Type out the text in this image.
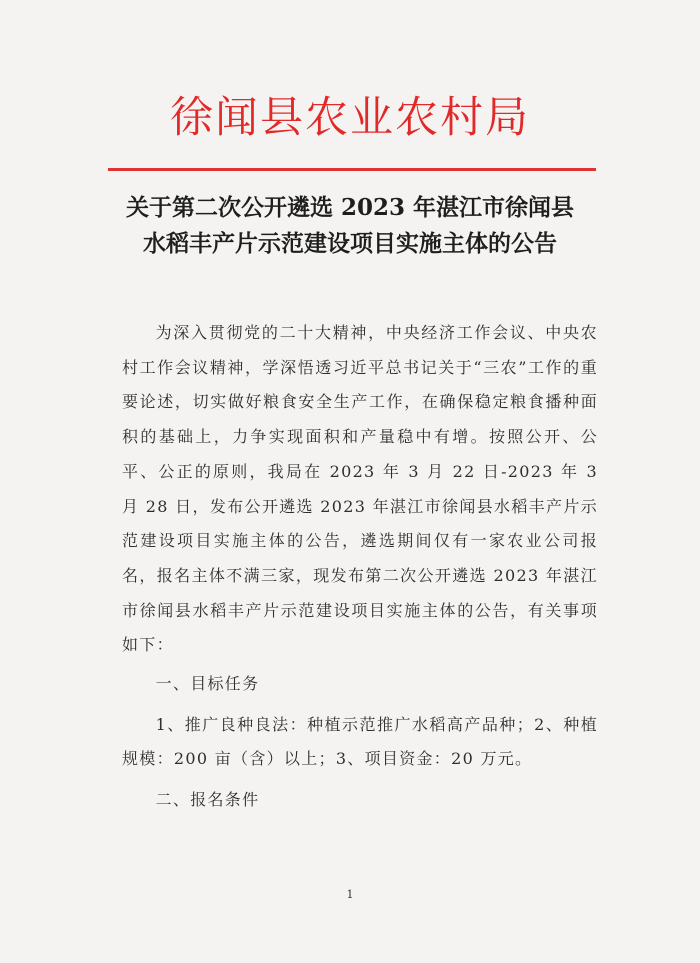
徐闻县农业农村局
关于第二次公开遴选 2023 年湛江市徐闻县
水稻丰产片示范建设项目实施主体的公告

为深入贯彻党的二十大精神，中央经济工作会议、中央农村工作会议精神，学深悟透习近平总书记关于“三农”工作的重要论述，切实做好粮食安全生产工作，在确保稳定粮食播种面积的基础上，力争实现面积和产量稳中有增。按照公开、公平、公正的原则，我局在 2023 年 3 月 22 日-2023 年 3 月 28 日，发布公开遴选 2023 年湛江市徐闻县水稻丰产片示范建设项目实施主体的公告，遴选期间仅有一家农业公司报名，报名主体不满三家，现发布第二次公开遴选 2023 年湛江市徐闻县水稻丰产片示范建设项目实施主体的公告，有关事项如下：

一、目标任务

1、推广良种良法：种植示范推广水稻高产品种；2、种植规模：200 亩（含）以上；3、项目资金：20 万元。

二、报名条件

1
